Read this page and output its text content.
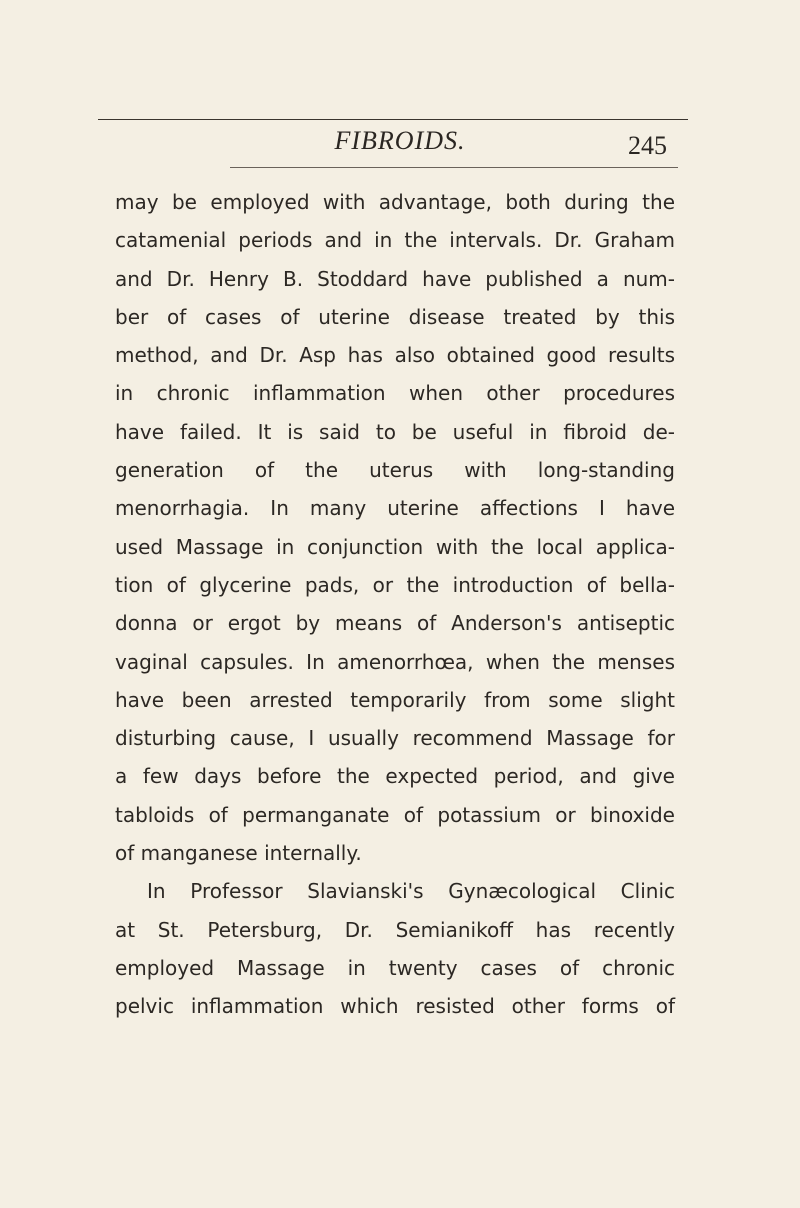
FIBROIDS.	245
may be employed with advantage, both during the
catamenial periods and in the intervals. Dr. Graham
and Dr. Henry B. Stoddard have published a num-
ber of cases of uterine disease treated by this
method, and Dr. Asp has also obtained good results
in chronic inflammation when other procedures
have failed. It is said to be useful in fibroid de-
generation of the uterus with long-standing
menorrhagia. In many uterine affections I have
used Massage in conjunction with the local applica-
tion of glycerine pads, or the introduction of bella-
donna or ergot by means of Anderson's antiseptic
vaginal capsules. In amenorrhœa, when the menses
have been arrested temporarily from some slight
disturbing cause, I usually recommend Massage for
a few days before the expected period, and give
tabloids of permanganate of potassium or binoxide
of manganese internally.
In Professor Slavianski's Gynæcological Clinic
at St. Petersburg, Dr. Semianikoff has recently
employed Massage in twenty cases of chronic
pelvic inflammation which resisted other forms of
